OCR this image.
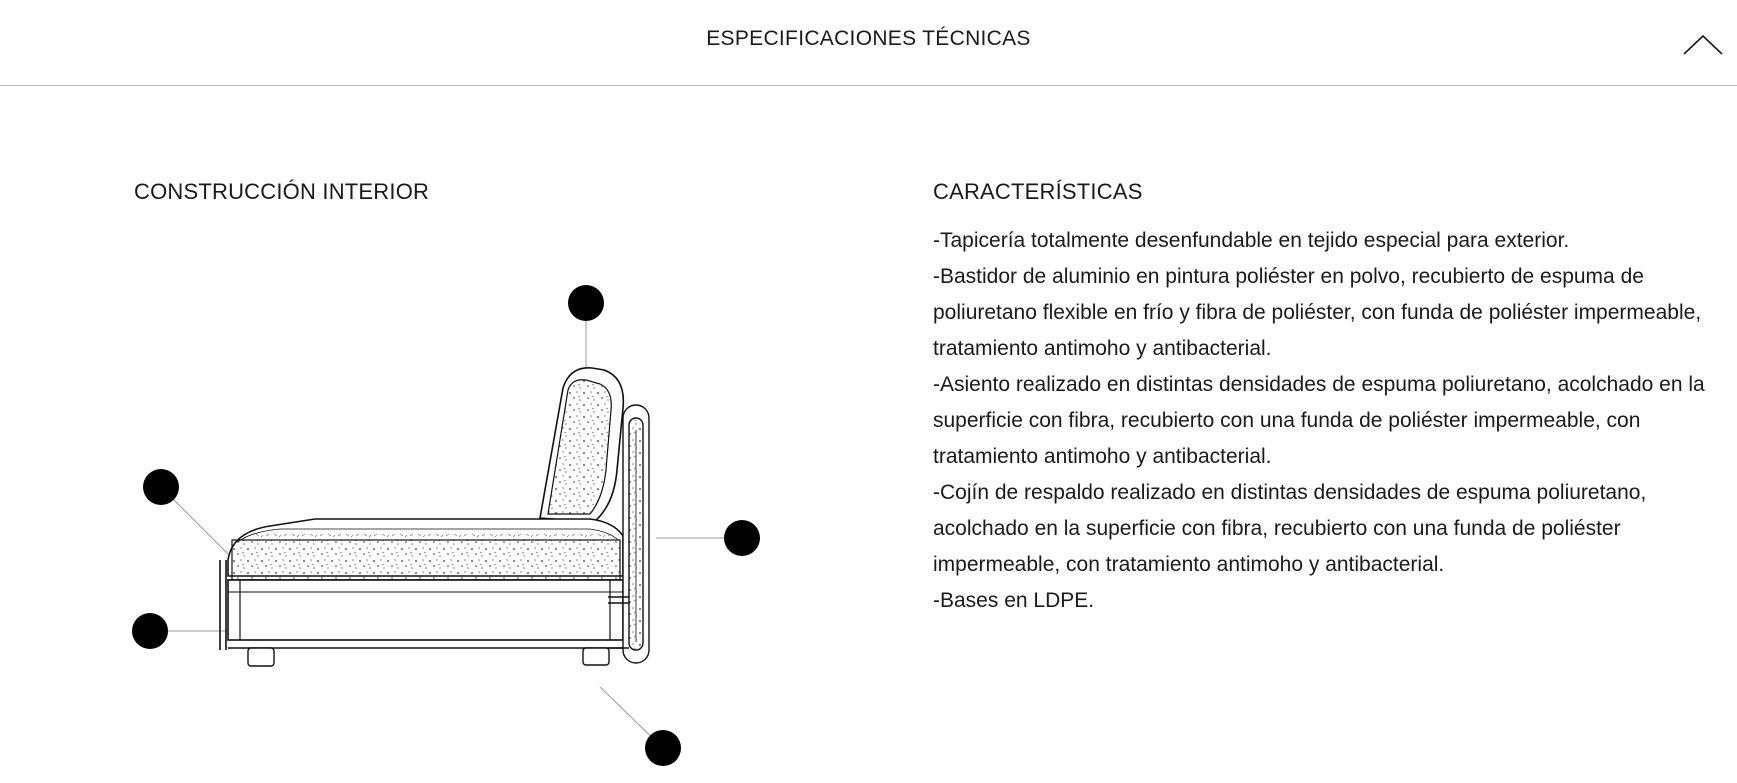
ESPECIFICACIONES TÉCNICAS
CONSTRUCCIÓN INTERIOR	CARACTERÍSTICAS

-Tapicería totalmente desenfundable en tejido especial para exterior.

-Bastidor de aluminio en pintura poliéster en polvo, recubierto de espuma de poliuretano flexible en frío y fibra de poliéster, con funda de poliéster impermeable, tratamiento antimoho y antibacterial.

-Asiento realizado en distintas densidades de espuma poliuretano, acolchado en la superficie con fibra, recubierto con una funda de poliéster impermeable, con tratamiento antimoho y antibacterial.

-Cojín de respaldo realizado en distintas densidades de espuma poliuretano, acolchado en la superficie con fibra, recubierto con una funda de poliéster impermeable, con tratamiento antimoho y antibacterial.

-Bases en LDPE.
